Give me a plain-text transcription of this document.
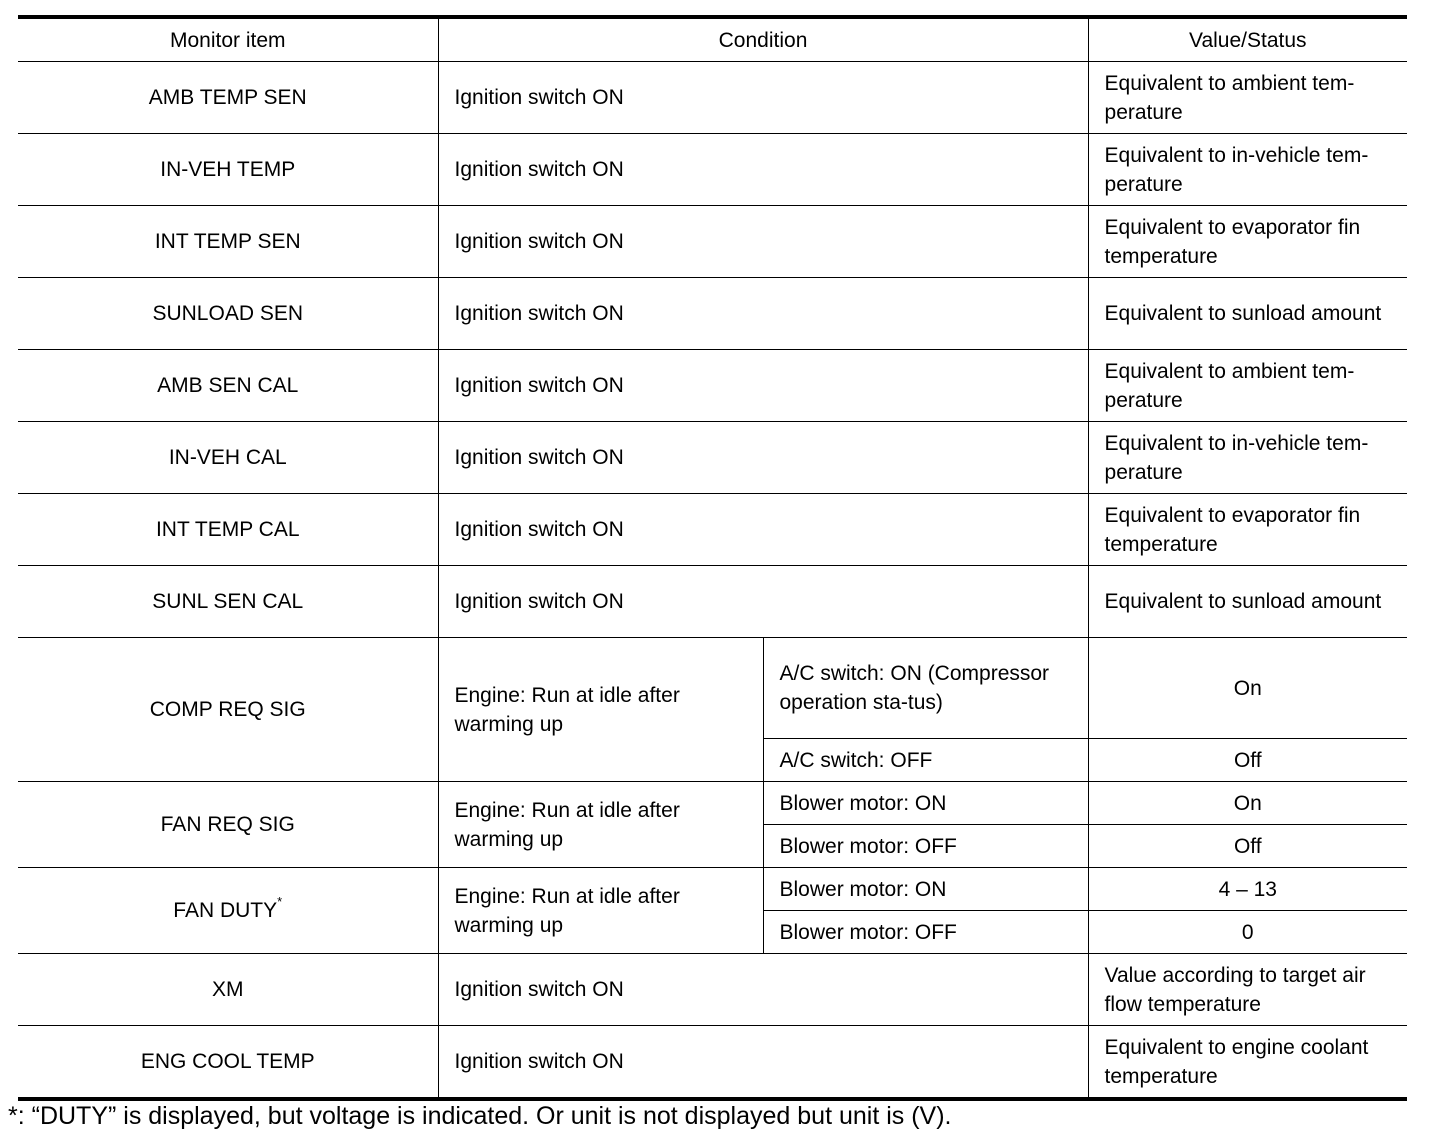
Monitor item	Condition		Value/Status
AMB TEMP SEN	Ignition switch ON		Equivalent to ambient tem-perature
IN-VEH TEMP	Ignition switch ON		Equivalent to in-vehicle tem-perature
INT TEMP SEN	Ignition switch ON		Equivalent to evaporator fin temperature
SUNLOAD SEN	Ignition switch ON		Equivalent to sunload amount
AMB SEN CAL	Ignition switch ON		Equivalent to ambient tem-perature
IN-VEH CAL	Ignition switch ON		Equivalent to in-vehicle tem-perature
INT TEMP CAL	Ignition switch ON		Equivalent to evaporator fin temperature
SUNL SEN CAL	Ignition switch ON		Equivalent to sunload amount
COMP REQ SIG	Engine: Run at idle after warming up	A/C switch: ON (Compressor operation sta-tus)	On
		A/C switch: OFF	Off
FAN REQ SIG	Engine: Run at idle after warming up	Blower motor: ON	On
		Blower motor: OFF	Off
FAN DUTY*	Engine: Run at idle after warming up	Blower motor: ON	4 – 13
		Blower motor: OFF	0
XM	Ignition switch ON		Value according to target air flow temperature
ENG COOL TEMP	Ignition switch ON		Equivalent to engine coolant temperature
*: “DUTY” is displayed, but voltage is indicated. Or unit is not displayed but unit is (V).
